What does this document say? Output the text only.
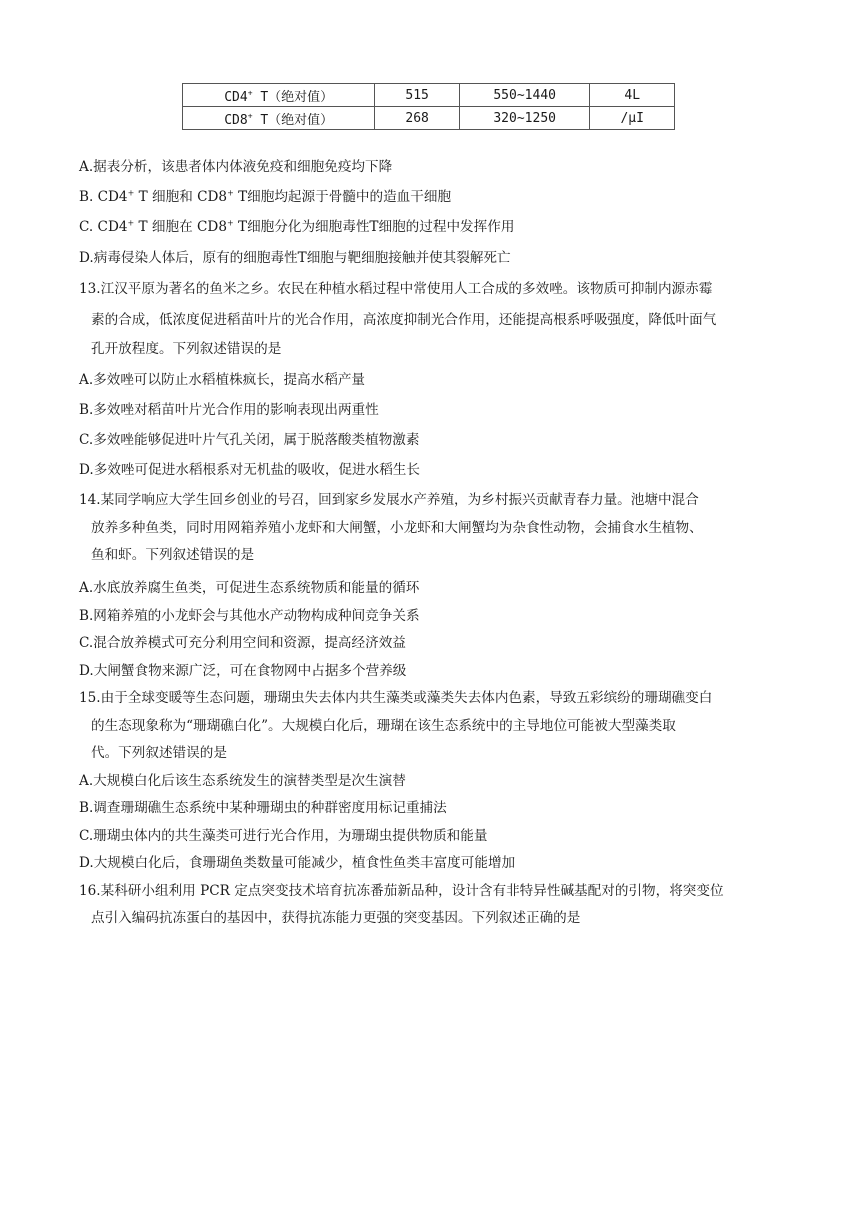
CD4+ T（绝对值）	515	550~1440	4L
CD8+ T（绝对值）	268	320~1250	/μI
A.据表分析，该患者体内体液免疫和细胞免疫均下降
B. CD4+ T 细胞和 CD8+ T细胞均起源于骨髓中的造血干细胞
C. CD4+ T 细胞在 CD8+ T细胞分化为细胞毒性T细胞的过程中发挥作用
D.病毒侵染人体后，原有的细胞毒性T细胞与靶细胞接触并使其裂解死亡
13.江汉平原为著名的鱼米之乡。农民在种植水稻过程中常使用人工合成的多效唑。该物质可抑制内源赤霉
素的合成，低浓度促进稻苗叶片的光合作用，高浓度抑制光合作用，还能提高根系呼吸强度，降低叶面气
孔开放程度。下列叙述错误的是
A.多效唑可以防止水稻植株疯长，提高水稻产量
B.多效唑对稻苗叶片光合作用的影响表现出两重性
C.多效唑能够促进叶片气孔关闭，属于脱落酸类植物激素
D.多效唑可促进水稻根系对无机盐的吸收，促进水稻生长
14.某同学响应大学生回乡创业的号召，回到家乡发展水产养殖，为乡村振兴贡献青春力量。池塘中混合
放养多种鱼类，同时用网箱养殖小龙虾和大闸蟹，小龙虾和大闸蟹均为杂食性动物，会捕食水生植物、
鱼和虾。下列叙述错误的是
A.水底放养腐生鱼类，可促进生态系统物质和能量的循环
B.网箱养殖的小龙虾会与其他水产动物构成种间竞争关系
C.混合放养模式可充分利用空间和资源，提高经济效益
D.大闸蟹食物来源广泛，可在食物网中占据多个营养级
15.由于全球变暖等生态问题，珊瑚虫失去体内共生藻类或藻类失去体内色素，导致五彩缤纷的珊瑚礁变白
的生态现象称为“珊瑚礁白化”。大规模白化后，珊瑚在该生态系统中的主导地位可能被大型藻类取
代。下列叙述错误的是
A.大规模白化后该生态系统发生的演替类型是次生演替
B.调查珊瑚礁生态系统中某种珊瑚虫的种群密度用标记重捕法
C.珊瑚虫体内的共生藻类可进行光合作用，为珊瑚虫提供物质和能量
D.大规模白化后，食珊瑚鱼类数量可能减少，植食性鱼类丰富度可能增加
16.某科研小组利用 PCR 定点突变技术培育抗冻番茄新品种，设计含有非特异性碱基配对的引物，将突变位
点引入编码抗冻蛋白的基因中，获得抗冻能力更强的突变基因。下列叙述正确的是
